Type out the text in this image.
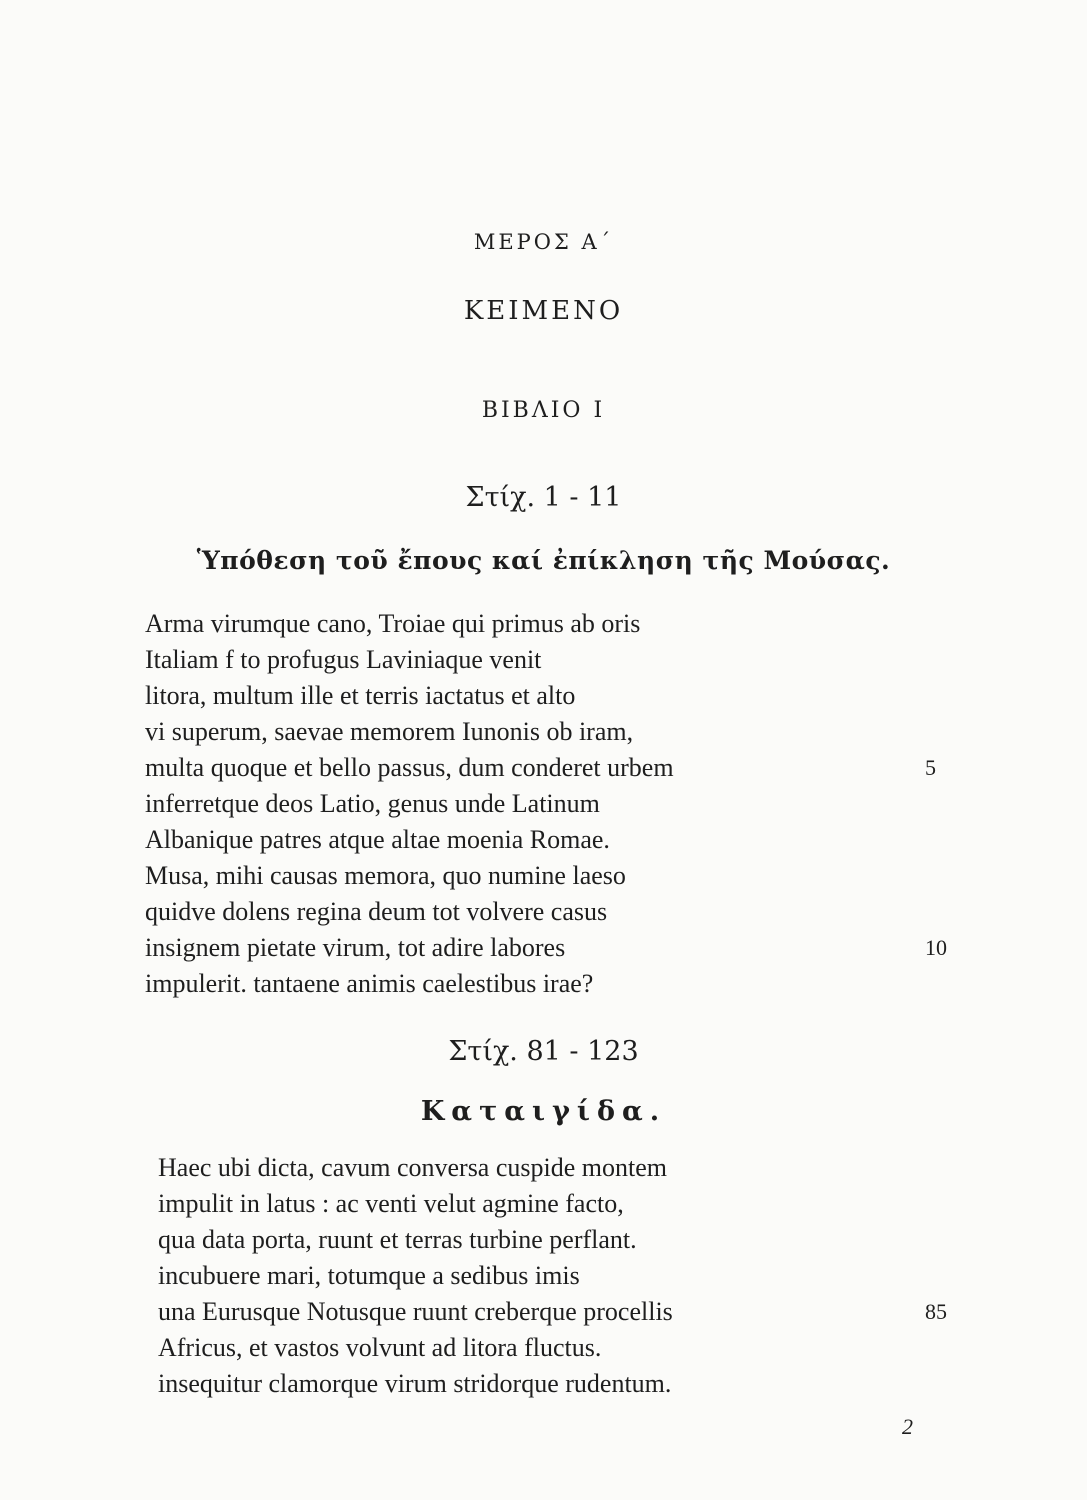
ΜΕΡΟΣ Α΄
ΚΕΙΜΕΝΟ
ΒΙΒΛΙΟ I
Στίχ. 1 - 11
Ὑπόθεση τοῦ ἔπους καί ἐπίκληση τῆς Μούσας.
Arma virumque cano, Troiae qui primus ab oris
Italiam f to profugus Laviniaque venit
litora, multum ille et terris iactatus et alto
vi superum, saevae memorem Iunonis ob iram,
multa quoque et bello passus, dum conderet urbem	5
inferretque deos Latio, genus unde Latinum
Albanique patres atque altae moenia Romae.
Musa, mihi causas memora, quo numine laeso
quidve dolens regina deum tot volvere casus
insignem pietate virum, tot adire labores	10
impulerit. tantaene animis caelestibus irae?
Στίχ. 81 - 123
Καταιγίδα.
Haec ubi dicta, cavum conversa cuspide montem
impulit in latus : ac venti velut agmine facto,
qua data porta, ruunt et terras turbine perflant.
incubuere mari, totumque a sedibus imis
una Eurusque Notusque ruunt creberque procellis	85
Africus, et vastos volvunt ad litora fluctus.
insequitur clamorque virum stridorque rudentum.
2
